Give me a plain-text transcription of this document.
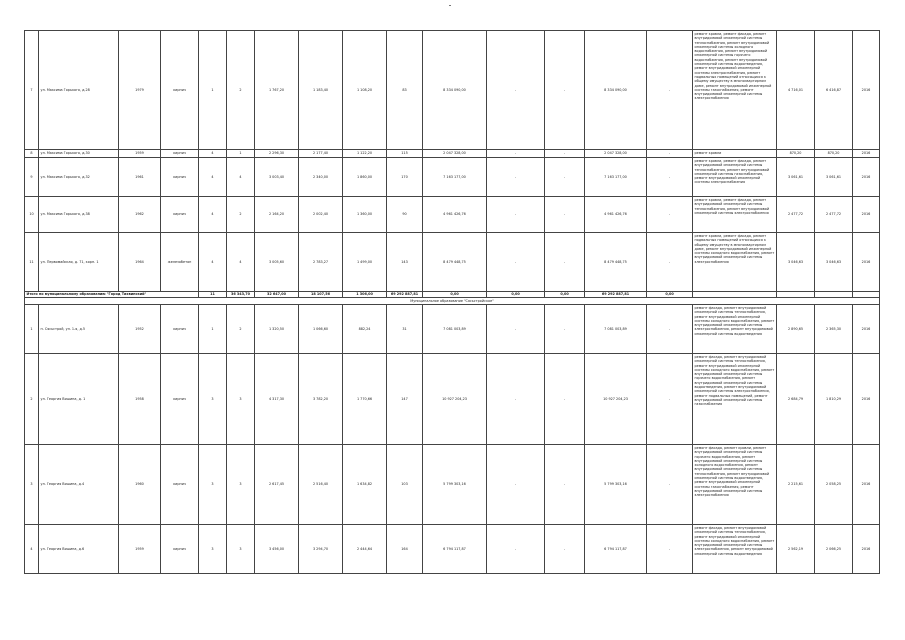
7	ул. Максима Горького, д.28	1979	кирпич	1	2	1 767,20	1 183,40	1 108,20	83	8 334 090,00	-	-	8 334 090,00	-	ремонт кровли, ремонт фасада, ремонт внутридомовой инженерной системы теплоснабжения, ремонт внутридомовой инженерной системы холодного водоснабжения, ремонт внутридомовой инженерной системы горячего водоснабжения, ремонт внутридомовой инженерной системы водоотведения, ремонт внутридомовой инженерной системы электроснабжения, ремонт подвальных помещений относящихся к общему имуществу в многоквартирном доме, ремонт внутридомовой инженерной системы газоснабжения, ремонт внутридомовой инженерной системы электроснабжения	4 716,01	6 416,87	2016
8	ул. Максима Горького, д.30	1959	кирпич	4	1	2 296,30	2 177,40	1 122,20	115	2 047 328,00	-	-	2 047 328,00	-	ремонт кровли	870,20	870,20	2016
9	ул. Максима Горького, д.32	1961	кирпич	4	4	3 003,40	2 340,00	1 860,00	170	7 163 177,00	-	-	7 163 177,00	-	ремонт кровли, ремонт фасада, ремонт внутридомовой инженерной системы теплоснабжения, ремонт внутридомовой инженерной системы газоснабжения, ремонт внутридомовой инженерной системы электроснабжения	3 061,61	3 061,61	2016
10	ул. Максима Горького, д.38	1962	кирпич	4	2	2 164,20	2 002,40	1 360,00	90	4 961 426,76	-	-	4 961 426,76	-	ремонт кровли, ремонт фасада, ремонт внутридомовой инженерной системы теплоснабжения, ремонт внутридомовой инженерной системы электроснабжения	2 477,72	2 477,72	2016
11	ул. Первомайская, д. 71, корп. 1	1964	железобетон	4	4	3 005,60	2 783,27	1 499,00	143	8 479 448,75	-	-	8 479 448,75	-	ремонт кровли, ремонт фасада, ремонт подвальных помещений относящихся к общему имуществу в многоквартирном доме, ремонт внутридомовой инженерной системы холодного водоснабжения, ремонт внутридомовой инженерной системы электроснабжения	3 046,63	3 046,63	2016
Итого по муниципальному образованию "Город Тихвинский"				11	36 343,70	32 647,00	18 107,56	1 306,00	69 292 887,81	0,00	0,00	0,00	69 292 887,81	0,00				
Муниципальное образование "Сясьстройское"																		
1	п. Сясьстрой, ул. 1-я, д.5	1952	кирпич	1	2	1 320,50	1 066,60	882,24	31	7 081 003,89	-	-	7 081 003,89	-	ремонт фасада, ремонт внутридомовой инженерной системы теплоснабжения, ремонт внутридомовой инженерной системы холодного водоснабжения, ремонт внутридомовой инженерной системы электроснабжения, ремонт внутридомовой инженерной системы водоотведения	2 890,65	2 365,30	2016
2	ул. Георгия Вишина, д. 1	1958	кирпич	3	3	4 317,30	3 782,20	1 770,66	147	10 927 204,23	-	-	10 927 204,23	-	ремонт фасада, ремонт внутридомовой инженерной системы теплоснабжения, ремонт внутридомовой инженерной системы холодного водоснабжения, ремонт внутридомовой инженерной системы горячего водоснабжения, ремонт внутридомовой инженерной системы водоотведения, ремонт внутридомовой инженерной системы электроснабжения, ремонт подвальных помещений, ремонт внутридомовой инженерной системы газоснабжения	2 684,79	1 810,29	2016
3	ул. Георгия Вишина, д.4	1960	кирпич	3	3	2 617,45	2 516,40	1 634,82	103	5 799 303,16	-	-	5 799 303,16	-	ремонт фасада, ремонт кровли, ремонт внутридомовой инженерной системы горячего водоснабжения, ремонт внутридомовой инженерной системы холодного водоснабжения, ремонт внутридомовой инженерной системы теплоснабжения, ремонт внутридомовой инженерной системы водоотведения, ремонт внутридомовой инженерной системы газоснабжения, ремонт внутридомовой инженерной системы электроснабжения	2 215,61	2 058,25	2016
4	ул. Георгия Вишина, д.6	1959	кирпич	3	3	3 456,00	3 294,70	2 444,64	164	6 794 117,87	-	-	6 794 117,87	-	ремонт фасада, ремонт внутридомовой инженерной системы теплоснабжения, ремонт внутридомовой инженерной системы холодного водоснабжения, ремонт внутридомовой инженерной системы электроснабжения, ремонт внутридомовой инженерной системы водоотведения	2 562,19	2 066,25	2016
